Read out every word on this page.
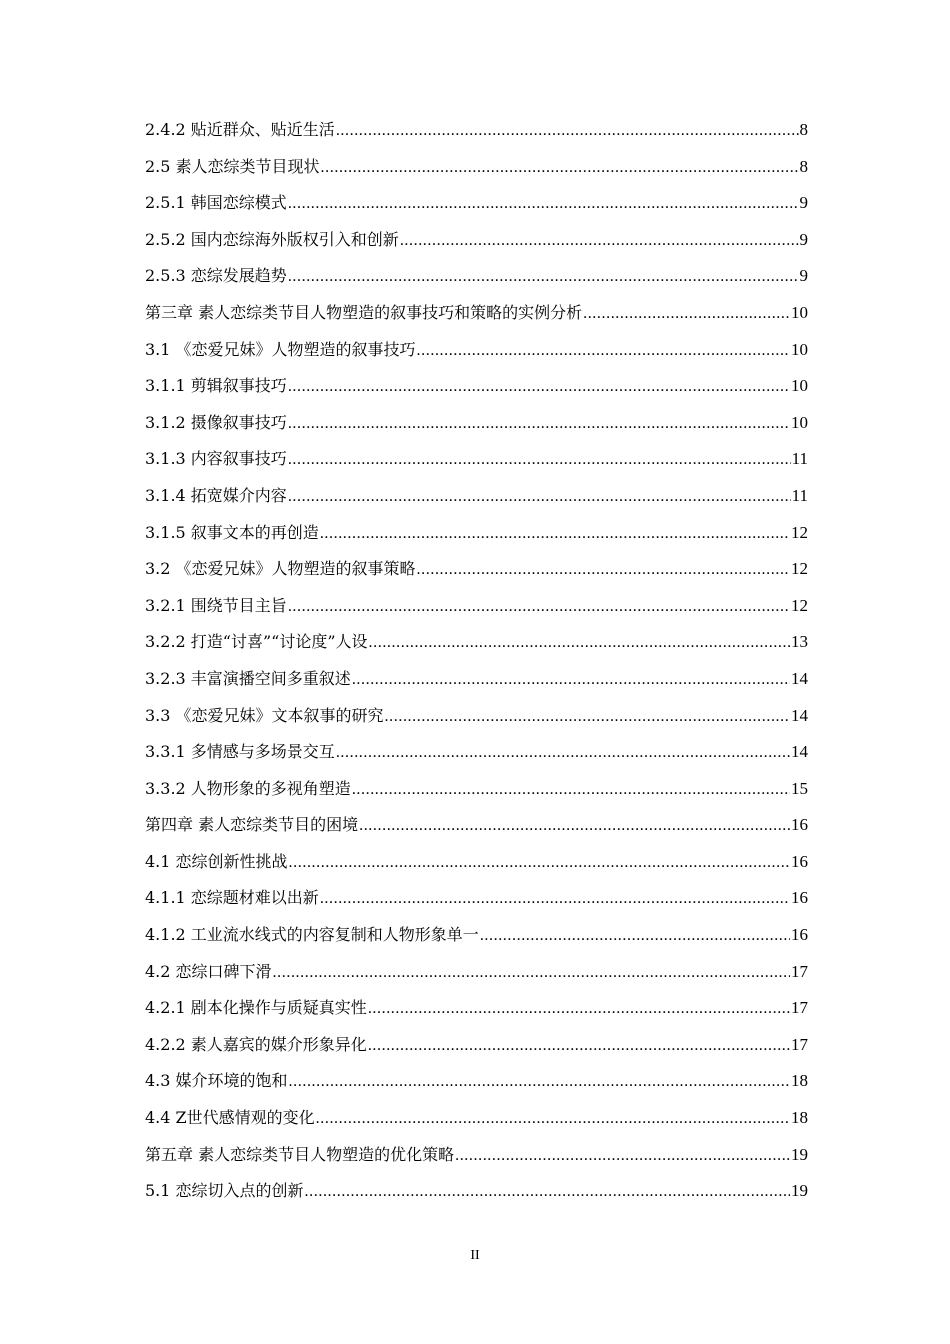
2.4.2 贴近群众、贴近生活 .....	8
2.5 素人恋综类节目现状 .....	8
2.5.1 韩国恋综模式 .....	9
2.5.2 国内恋综海外版权引入和创新 .....	9
2.5.3 恋综发展趋势 .....	9
第三章 素人恋综类节目人物塑造的叙事技巧和策略的实例分析 .....	10
3.1 《恋爱兄妹》人物塑造的叙事技巧 .....	10
3.1.1 剪辑叙事技巧 .....	10
3.1.2 摄像叙事技巧 .....	10
3.1.3 内容叙事技巧 .....	11
3.1.4 拓宽媒介内容 .....	11
3.1.5 叙事文本的再创造 .....	12
3.2 《恋爱兄妹》人物塑造的叙事策略 .....	12
3.2.1 围绕节目主旨 .....	12
3.2.2 打造“讨喜”“讨论度”人设 .....	13
3.2.3 丰富演播空间多重叙述 .....	14
3.3 《恋爱兄妹》文本叙事的研究 .....	14
3.3.1 多情感与多场景交互 .....	14
3.3.2 人物形象的多视角塑造 .....	15
第四章 素人恋综类节目的困境 .....	16
4.1 恋综创新性挑战 .....	16
4.1.1 恋综题材难以出新 .....	16
4.1.2 工业流水线式的内容复制和人物形象单一 .....	16
4.2 恋综口碑下滑 .....	17
4.2.1 剧本化操作与质疑真实性 .....	17
4.2.2 素人嘉宾的媒介形象异化 .....	17
4.3 媒介环境的饱和 .....	18
4.4 Z世代感情观的变化 .....	18
第五章 素人恋综类节目人物塑造的优化策略 .....	19
5.1 恋综切入点的创新 .....	19
II
